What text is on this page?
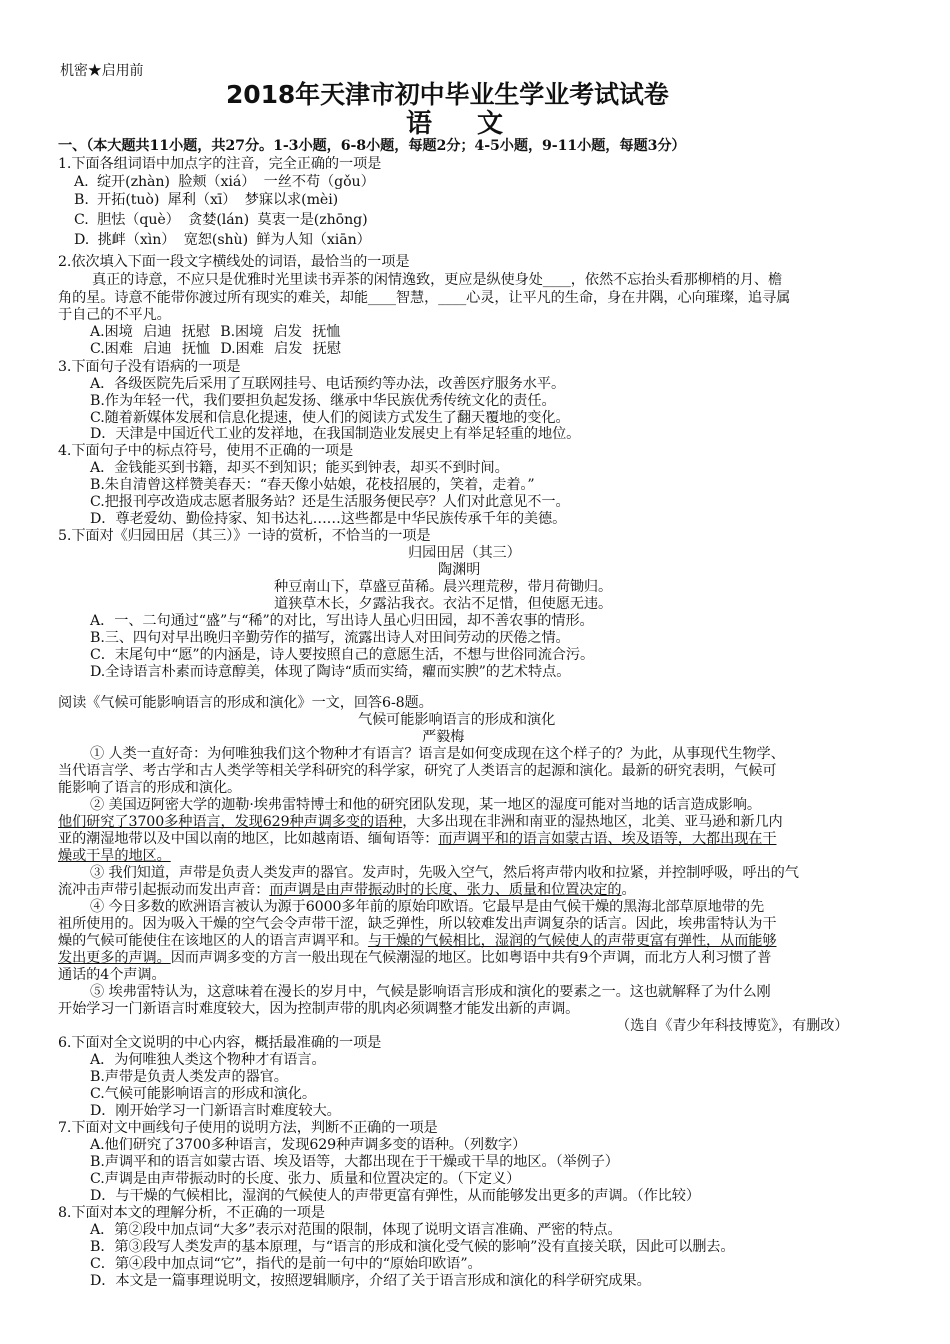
机密★启用前
2018年天津市初中毕业生学业考试试卷
语 文
一、（本大题共11小题，共27分。1-3小题，6-8小题，每题2分；4-5小题，9-11小题，每题3分）
1.下面各组词语中加点字的注音，完全正确的一项是
A. 绽开(zhàn) 脸颊（xiá） 一丝不苟（gǒu）
B. 开拓(tuò) 犀利（xī） 梦寐以求(mèi)
C. 胆怯（què） 贪婪(lán) 莫衷一是(zhōng)
D. 挑衅（xìn） 宽恕(shù) 鲜为人知（xiān）
2.依次填入下面一段文字横线处的词语，最恰当的一项是
真正的诗意，不应只是优雅时光里读书弄茶的闲情逸致，更应是纵使身处____，依然不忘抬头看那柳梢的月、檐
角的星。诗意不能带你渡过所有现实的难关，却能____智慧，____心灵，让平凡的生命，身在井隅，心向璀璨，追寻属
于自己的不平凡。
A.困境 启迪 抚慰 B.困境 启发 抚恤
C.困难 启迪 抚恤 D.困难 启发 抚慰
3.下面句子没有语病的一项是
A．各级医院先后采用了互联网挂号、电话预约等办法，改善医疗服务水平。
B.作为年轻一代，我们要担负起发扬、继承中华民族优秀传统文化的责任。
C.随着新媒体发展和信息化提速，使人们的阅读方式发生了翻天覆地的变化。
D．天津是中国近代工业的发祥地，在我国制造业发展史上有举足轻重的地位。
4.下面句子中的标点符号，使用不正确的一项是
A．金钱能买到书籍，却买不到知识；能买到钟表，却买不到时间。
B.朱自清曾这样赞美春天：“春天像小姑娘，花枝招展的，笑着，走着。”
C.把报刊亭改造成志愿者服务站？还是生活服务便民亭？人们对此意见不一。
D．尊老爱幼、勤俭持家、知书达礼……这些都是中华民族传承千年的美德。
5.下面对《归园田居（其三）》一诗的赏析，不恰当的一项是
归园田居（其三）
陶渊明
种豆南山下，草盛豆苗稀。晨兴理荒秽，带月荷锄归。
道狭草木长，夕露沾我衣。衣沾不足惜，但使愿无违。
A．一、二句通过“盛”与“稀”的对比，写出诗人虽心归田园，却不善农事的情形。
B.三、四句对早出晚归辛勤劳作的描写，流露出诗人对田间劳动的厌倦之情。
C．末尾句中“愿”的内涵是，诗人要按照自己的意愿生活，不想与世俗同流合污。
D.全诗语言朴素而诗意醇美，体现了陶诗“质而实绮，癯而实腴”的艺术特点。
阅读《气候可能影响语言的形成和演化》一文，回答6-8题。
气候可能影响语言的形成和演化
严毅梅
① 人类一直好奇：为何唯独我们这个物种才有语言？语言是如何变成现在这个样子的？为此，从事现代生物学、
当代语言学、考古学和古人类学等相关学科研究的科学家，研究了人类语言的起源和演化。最新的研究表明，气候可
能影响了语言的形成和演化。
② 美国迈阿密大学的迦勒·埃弗雷特博士和他的研究团队发现，某一地区的湿度可能对当地的话言造成影响。
他们研究了3700多种语言，发现629种声调多变的语种，大多出现在非洲和南亚的湿热地区，北美、亚马逊和新几内
亚的潮湿地带以及中国以南的地区，比如越南语、缅甸语等：而声调平和的语言如蒙古语、埃及语等，大都出现在干
燥或干旱的地区。
③ 我们知道，声带是负责人类发声的器官。发声时，先吸入空气，然后将声带内收和拉紧，并控制呼吸，呼出的气
流冲击声带引起振动而发出声音：而声调是由声带振动时的长度、张力、质量和位置决定的。
④ 今日多数的欧洲语言被认为源于6000多年前的原始印欧语。它最早是由气候干燥的黑海北部草原地带的先
祖所使用的。因为吸入干燥的空气会令声带干涩，缺乏弹性，所以较难发出声调复杂的话言。因此，埃弗雷特认为干
燥的气候可能使住在该地区的人的语言声调平和。与干燥的气候相比，湿润的气候使人的声带更富有弹性，从而能够
发出更多的声调。因而声调多变的方言一般出现在气候潮湿的地区。比如粤语中共有9个声调，而北方人利习惯了普
通话的4个声调。
⑤ 埃弗雷特认为，这意味着在漫长的岁月中，气候是影响语言形成和演化的要素之一。这也就解释了为什么刚
开始学习一门新语言时难度较大，因为控制声带的肌肉必须调整才能发出新的声调。
（选自《青少年科技博览》，有删改）
6.下面对全文说明的中心内容，概括最准确的一项是
A．为何唯独人类这个物种才有语言。
B.声带是负责人类发声的器官。
C.气候可能影响语言的形成和演化。
D．刚开始学习一门新语言时难度较大。
7.下面对文中画线句子使用的说明方法，判断不正确的一项是
A.他们研究了3700多种语言，发现629种声调多变的语种。（列数字）
B.声调平和的语言如蒙古语、埃及语等，大都出现在于干燥或干旱的地区。（举例子）
C.声调是由声带振动时的长度、张力、质量和位置决定的。（下定义）
D．与干燥的气候相比，湿润的气候使人的声带更富有弹性，从而能够发出更多的声调。（作比较）
8.下面对本文的理解分析，不正确的一项是
A．第②段中加点词“大多”表示对范围的限制，体现了说明文语言准确、严密的特点。
B．第③段写人类发声的基本原理，与“语言的形成和演化受气候的影响”没有直接关联，因此可以删去。
C．第④段中加点词“它”，指代的是前一句中的“原始印欧语”。
D．本文是一篇事理说明文，按照逻辑顺序，介绍了关于语言形成和演化的科学研究成果。
